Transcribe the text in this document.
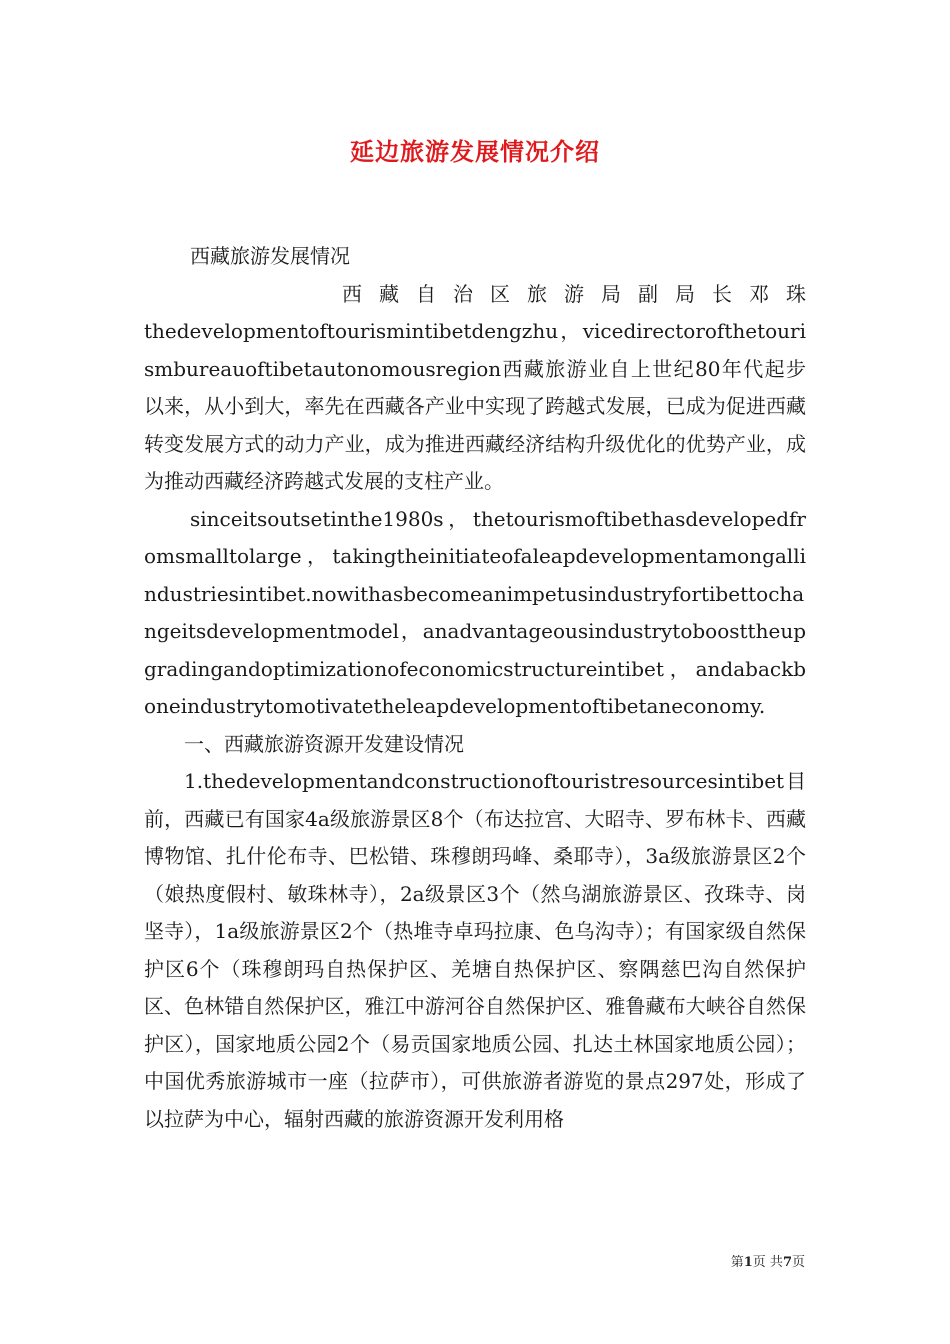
延边旅游发展情况介绍

西藏旅游发展情况

西藏自治区旅游局副局长邓珠

thedevelopmentoftourismintibetdengzhu，vicedirectorofthetourismbureauoftibetautonomousregion西藏旅游业自上世纪80年代起步以来，从小到大，率先在西藏各产业中实现了跨越式发展，已成为促进西藏转变发展方式的动力产业，成为推进西藏经济结构升级优化的优势产业，成为推动西藏经济跨越式发展的支柱产业。

sinceitsoutsetinthe1980s，thetourismoftibethasdevelopedfromsmalltolarge，takingtheinitiateofaleapdevelopmentamongallindustriesintibet.nowithasbecomeanimpetusindustryfortibettochangeitsdevelopmentmodel，anadvantageousindustrytoboosttheupgradingandoptimizationofeconomicstructureintibet，andabackboneindustrytomotivatetheleapdevelopmentoftibetaneconomy.

一、西藏旅游资源开发建设情况

1.thedevelopmentandconstructionoftouristresourcesintibet目前，西藏已有国家4a级旅游景区8个（布达拉宫、大昭寺、罗布林卡、西藏博物馆、扎什伦布寺、巴松错、珠穆朗玛峰、桑耶寺），3a级旅游景区2个（娘热度假村、敏珠林寺），2a级景区3个（然乌湖旅游景区、孜珠寺、岗坚寺），1a级旅游景区2个（热堆寺卓玛拉康、色乌沟寺）；有国家级自然保护区6个（珠穆朗玛自热保护区、羌塘自热保护区、察隅慈巴沟自然保护区、色林错自然保护区，雅江中游河谷自然保护区、雅鲁藏布大峡谷自然保护区），国家地质公园2个（易贡国家地质公园、扎达土林国家地质公园）；中国优秀旅游城市一座（拉萨市），可供旅游者游览的景点297处，形成了以拉萨为中心，辐射西藏的旅游资源开发利用格

第1页 共7页
